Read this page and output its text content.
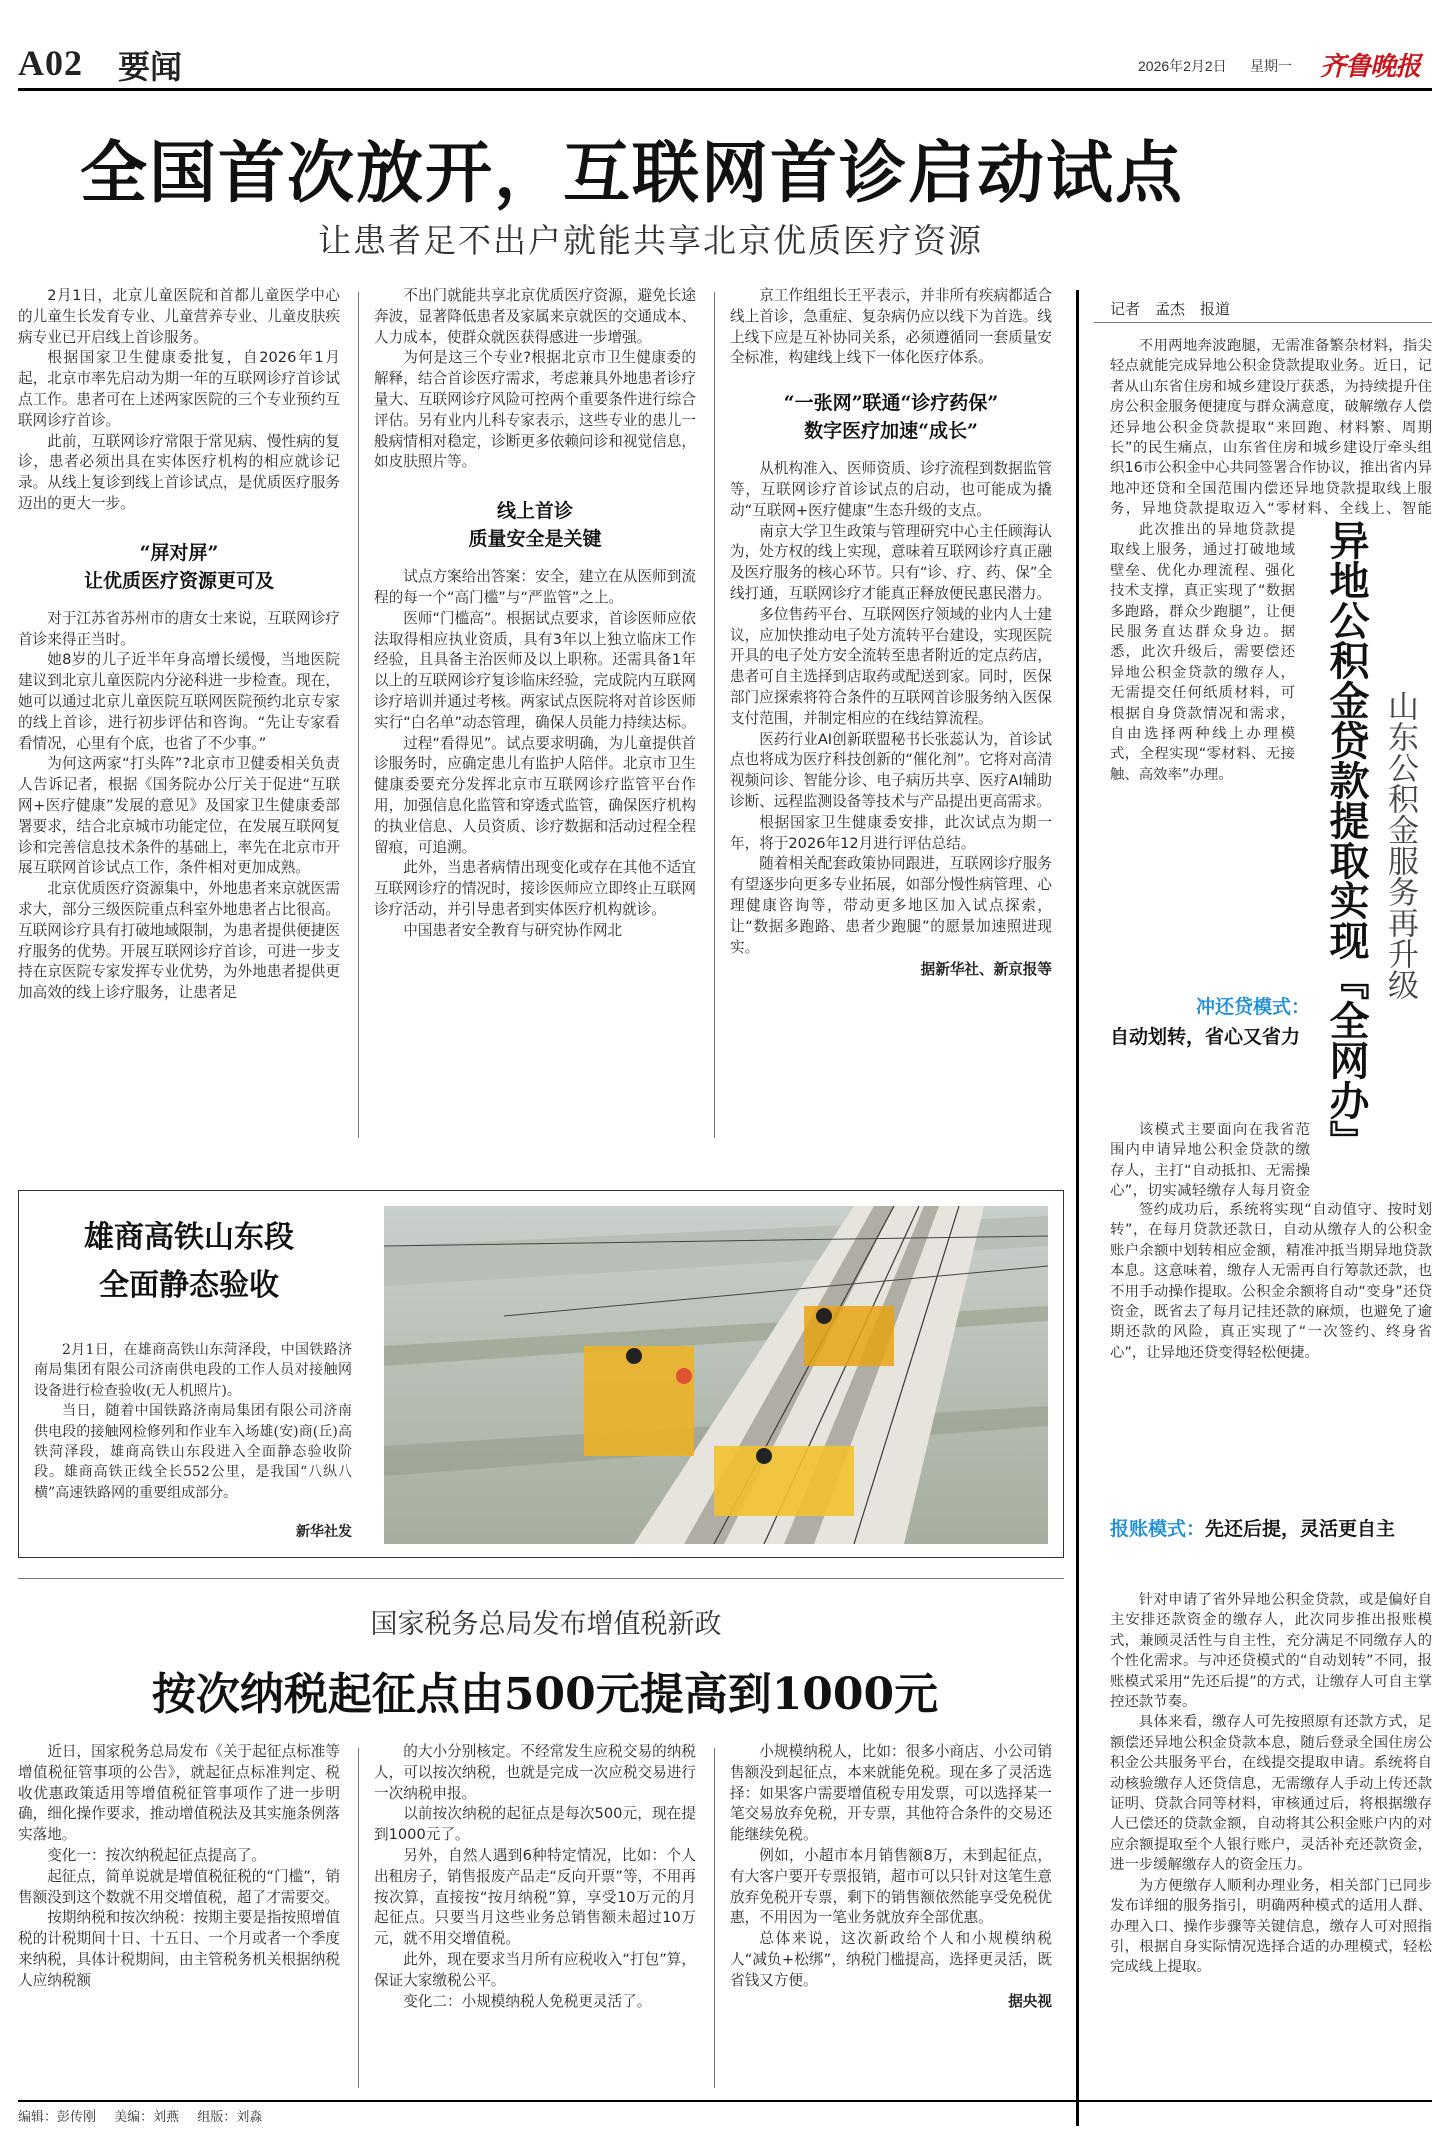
A02 要闻	2026年2月2日 星期一 齐鲁晚报
全国首次放开，互联网首诊启动试点
让患者足不出户就能共享北京优质医疗资源

2月1日，北京儿童医院和首都儿童医学中心的儿童生长发育专业、儿童营养专业、儿童皮肤疾病专业已开启线上首诊服务。

根据国家卫生健康委批复，自2026年1月起，北京市率先启动为期一年的互联网诊疗首诊试点工作。患者可在上述两家医院的三个专业预约互联网诊疗首诊。

此前，互联网诊疗常限于常见病、慢性病的复诊，患者必须出具在实体医疗机构的相应就诊记录。从线上复诊到线上首诊试点，是优质医疗服务迈出的更大一步。

“屏对屏”
让优质医疗资源更可及

对于江苏省苏州市的唐女士来说，互联网诊疗首诊来得正当时。

她8岁的儿子近半年身高增长缓慢，当地医院建议到北京儿童医院内分泌科进一步检查。现在，她可以通过北京儿童医院互联网医院预约北京专家的线上首诊，进行初步评估和咨询。“先让专家看看情况，心里有个底，也省了不少事。”

为何这两家“打头阵”?北京市卫健委相关负责人告诉记者，根据《国务院办公厅关于促进“互联网+医疗健康”发展的意见》及国家卫生健康委部署要求，结合北京城市功能定位，在发展互联网复诊和完善信息技术条件的基础上，率先在北京市开展互联网首诊试点工作，条件相对更加成熟。

北京优质医疗资源集中，外地患者来京就医需求大，部分三级医院重点科室外地患者占比很高。互联网诊疗具有打破地域限制，为患者提供便捷医疗服务的优势。开展互联网诊疗首诊，可进一步支持在京医院专家发挥专业优势，为外地患者提供更加高效的线上诊疗服务，让患者足

不出门就能共享北京优质医疗资源，避免长途奔波，显著降低患者及家属来京就医的交通成本、人力成本，使群众就医获得感进一步增强。

为何是这三个专业?根据北京市卫生健康委的解释，结合首诊医疗需求，考虑兼具外地患者诊疗量大、互联网诊疗风险可控两个重要条件进行综合评估。另有业内儿科专家表示，这些专业的患儿一般病情相对稳定，诊断更多依赖问诊和视觉信息，如皮肤照片等。

线上首诊
质量安全是关键

试点方案给出答案：安全，建立在从医师到流程的每一个“高门槛”与“严监管”之上。

医师“门槛高”。根据试点要求，首诊医师应依法取得相应执业资质，具有3年以上独立临床工作经验，且具备主治医师及以上职称。还需具备1年以上的互联网诊疗复诊临床经验，完成院内互联网诊疗培训并通过考核。两家试点医院将对首诊医师实行“白名单”动态管理，确保人员能力持续达标。

过程“看得见”。试点要求明确，为儿童提供首诊服务时，应确定患儿有监护人陪伴。北京市卫生健康委要充分发挥北京市互联网诊疗监管平台作用，加强信息化监管和穿透式监管，确保医疗机构的执业信息、人员资质、诊疗数据和活动过程全程留痕，可追溯。

此外，当患者病情出现变化或存在其他不适宜互联网诊疗的情况时，接诊医师应立即终止互联网诊疗活动，并引导患者到实体医疗机构就诊。

中国患者安全教育与研究协作网北

京工作组组长王平表示，并非所有疾病都适合线上首诊，急重症、复杂病仍应以线下为首选。线上线下应是互补协同关系，必须遵循同一套质量安全标准，构建线上线下一体化医疗体系。

“一张网”联通“诊疗药保”
数字医疗加速“成长”

从机构准入、医师资质、诊疗流程到数据监管等，互联网诊疗首诊试点的启动，也可能成为撬动“互联网+医疗健康”生态升级的支点。

南京大学卫生政策与管理研究中心主任顾海认为，处方权的线上实现，意味着互联网诊疗真正融及医疗服务的核心环节。只有“诊、疗、药、保”全线打通，互联网诊疗才能真正释放便民惠民潜力。

多位售药平台、互联网医疗领域的业内人士建议，应加快推动电子处方流转平台建设，实现医院开具的电子处方安全流转至患者附近的定点药店，患者可自主选择到店取药或配送到家。同时，医保部门应探索将符合条件的互联网首诊服务纳入医保支付范围，并制定相应的在线结算流程。

医药行业AI创新联盟秘书长张蕊认为，首诊试点也将成为医疗科技创新的“催化剂”。它将对高清视频问诊、智能分诊、电子病历共享、医疗AI辅助诊断、远程监测设备等技术与产品提出更高需求。

根据国家卫生健康委安排，此次试点为期一年，将于2026年12月进行评估总结。

随着相关配套政策协同跟进，互联网诊疗服务有望逐步向更多专业拓展，如部分慢性病管理、心理健康咨询等，带动更多地区加入试点探索，让“数据多跑路、患者少跑腿”的愿景加速照进现实。

据新华社、新京报等
记者　孟杰　报道

不用两地奔波跑腿，无需准备繁杂材料，指尖轻点就能完成异地公积金贷款提取业务。近日，记者从山东省住房和城乡建设厅获悉，为持续提升住房公积金服务便捷度与群众满意度，破解缴存人偿还异地公积金贷款提取“来回跑、材料繁、周期长”的民生痛点，山东省住房和城乡建设厅牵头组织16市公积金中心共同签署合作协议，推出省内异地冲还贷和全国范围内偿还异地贷款提取线上服务，异地贷款提取迈入“零材料、全线上、智能

此次推出的异地贷款提取线上服务，通过打破地域壁垒、优化办理流程、强化技术支撑，真正实现了“数据多跑路，群众少跑腿”，让便民服务直达群众身边。据悉，此次升级后，需要偿还异地公积金贷款的缴存人，无需提交任何纸质材料，可根据自身贷款情况和需求，自由选择两种线上办理模式，全程实现“零材料、无接触、高效率”办理。	异地公积金贷款提取实现『全网办』 山东公积金服务再升级
冲还贷模式：
自动划转，省心又省力

该模式主要面向在我省范围内申请异地公积金贷款的缴存人，主打“自动抵扣、无需操心”，切实减轻缴存人每月资金

签约成功后，系统将实现“自动值守、按时划转”，在每月贷款还款日，自动从缴存人的公积金账户余额中划转相应金额，精准冲抵当期异地贷款本息。这意味着，缴存人无需再自行筹款还款，也不用手动操作提取。公积金余额将自动“变身”还贷资金，既省去了每月记挂还款的麻烦，也避免了逾期还款的风险，真正实现了“一次签约、终身省心”，让异地还贷变得轻松便捷。

报账模式：先还后提，灵活更自主

针对申请了省外异地公积金贷款，或是偏好自主安排还款资金的缴存人，此次同步推出报账模式，兼顾灵活性与自主性，充分满足不同缴存人的个性化需求。与冲还贷模式的“自动划转”不同，报账模式采用“先还后提”的方式，让缴存人可自主掌控还款节奏。

具体来看，缴存人可先按照原有还款方式，足额偿还异地公积金贷款本息，随后登录全国住房公积金公共服务平台，在线提交提取申请。系统将自动核验缴存人还贷信息，无需缴存人手动上传还款证明、贷款合同等材料，审核通过后，将根据缴存人已偿还的贷款金额，自动将其公积金账户内的对应余额提取至个人银行账户，灵活补充还款资金，进一步缓解缴存人的资金压力。

为方便缴存人顺利办理业务，相关部门已同步发布详细的服务指引，明确两种模式的适用人群、办理入口、操作步骤等关键信息，缴存人可对照指引，根据自身实际情况选择合适的办理模式，轻松完成线上提取。

雄商高铁山东段
全面静态验收

2月1日，在雄商高铁山东菏泽段，中国铁路济南局集团有限公司济南供电段的工作人员对接触网设备进行检查验收(无人机照片)。

当日，随着中国铁路济南局集团有限公司济南供电段的接触网检修列和作业车入场雄(安)商(丘)高铁菏泽段，雄商高铁山东段进入全面静态验收阶段。雄商高铁正线全长552公里，是我国“八纵八横”高速铁路网的重要组成部分。

新华社发
国家税务总局发布增值税新政
按次纳税起征点由500元提高到1000元

近日，国家税务总局发布《关于起征点标准等增值税征管事项的公告》，就起征点标准判定、税收优惠政策适用等增值税征管事项作了进一步明确，细化操作要求，推动增值税法及其实施条例落实落地。

变化一：按次纳税起征点提高了。

起征点，简单说就是增值税征税的“门槛”，销售额没到这个数就不用交增值税，超了才需要交。

按期纳税和按次纳税：按期主要是指按照增值税的计税期间十日、十五日、一个月或者一个季度来纳税，具体计税期间，由主管税务机关根据纳税人应纳税额

的大小分别核定。不经常发生应税交易的纳税人，可以按次纳税，也就是完成一次应税交易进行一次纳税申报。

以前按次纳税的起征点是每次500元，现在提到1000元了。

另外，自然人遇到6种特定情况，比如：个人出租房子，销售报废产品走“反向开票”等，不用再按次算，直接按“按月纳税”算，享受10万元的月起征点。只要当月这些业务总销售额未超过10万元，就不用交增值税。

此外，现在要求当月所有应税收入“打包”算，保证大家缴税公平。

变化二：小规模纳税人免税更灵活了。

小规模纳税人，比如：很多小商店、小公司销售额没到起征点，本来就能免税。现在多了灵活选择：如果客户需要增值税专用发票，可以选择某一笔交易放弃免税，开专票，其他符合条件的交易还能继续免税。

例如，小超市本月销售额8万，未到起征点，有大客户要开专票报销，超市可以只针对这笔生意放弃免税开专票，剩下的销售额依然能享受免税优惠，不用因为一笔业务就放弃全部优惠。

总体来说，这次新政给个人和小规模纳税人“减负+松绑”，纳税门槛提高，选择更灵活，既省钱又方便。

据央视
编辑：彭传刚 美编：刘燕 组版：刘淼
